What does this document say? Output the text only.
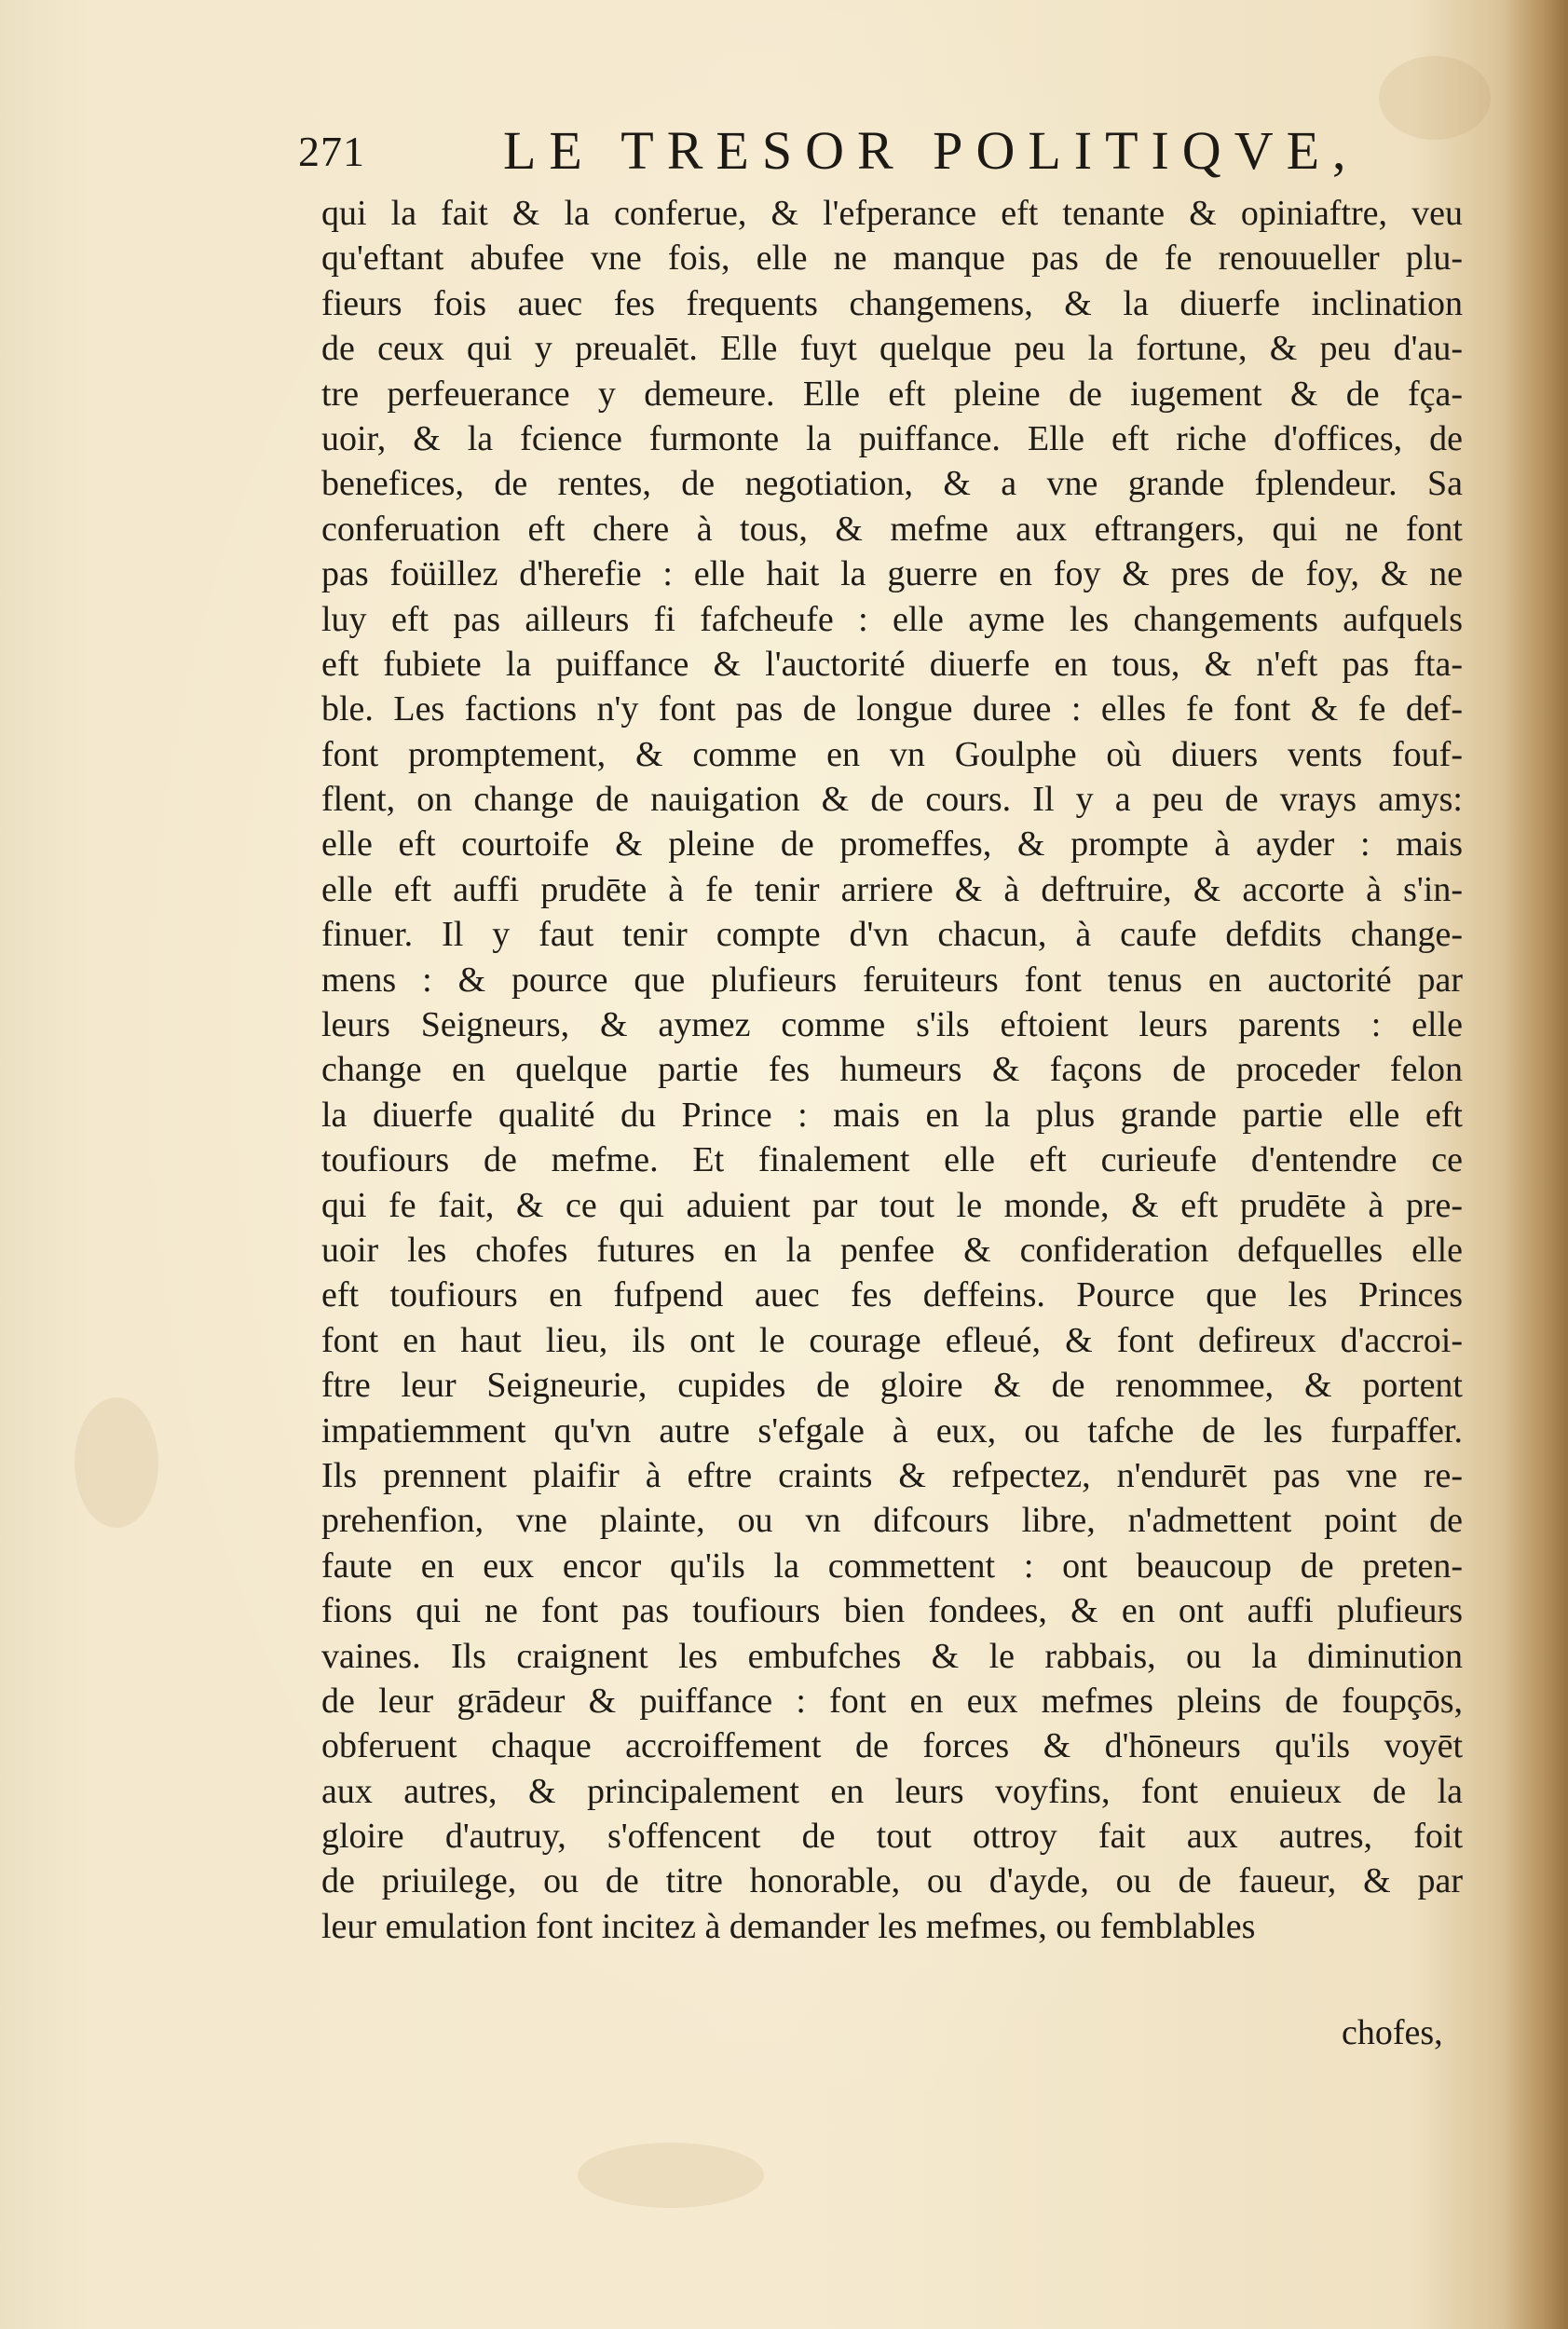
271	LE TRESOR POLITIQVE,
qui la fait & la conferue, & l'efperance eft tenante & opiniaftre, veu
qu'eftant abufee vne fois, elle ne manque pas de fe renouueller plu-
fieurs fois auec fes frequents changemens, & la diuerfe inclination
de ceux qui y preualēt. Elle fuyt quelque peu la fortune, & peu d'au-
tre perfeuerance y demeure. Elle eft pleine de iugement & de fça-
uoir, & la fcience furmonte la puiffance. Elle eft riche d'offices, de
benefices, de rentes, de negotiation, & a vne grande fplendeur. Sa
conferuation eft chere à tous, & mefme aux eftrangers, qui ne font
pas foüillez d'herefie : elle hait la guerre en foy & pres de foy, & ne
luy eft pas ailleurs fi fafcheufe : elle ayme les changements aufquels
eft fubiete la puiffance & l'auctorité diuerfe en tous, & n'eft pas fta-
ble. Les factions n'y font pas de longue duree : elles fe font & fe def-
font promptement, & comme en vn Goulphe où diuers vents fouf-
flent, on change de nauigation & de cours. Il y a peu de vrays amys:
elle eft courtoife & pleine de promeffes, & prompte à ayder : mais
elle eft auffi prudēte à fe tenir arriere & à deftruire, & accorte à s'in-
finuer. Il y faut tenir compte d'vn chacun, à caufe defdits change-
mens : & pource que plufieurs feruiteurs font tenus en auctorité par
leurs Seigneurs, & aymez comme s'ils eftoient leurs parents : elle
change en quelque partie fes humeurs & façons de proceder felon
la diuerfe qualité du Prince : mais en la plus grande partie elle eft
toufiours de mefme. Et finalement elle eft curieufe d'entendre ce
qui fe fait, & ce qui aduient par tout le monde, & eft prudēte à pre-
uoir les chofes futures en la penfee & confideration defquelles elle
eft toufiours en fufpend auec fes deffeins. Pource que les Princes
font en haut lieu, ils ont le courage efleué, & font defireux d'accroi-
ftre leur Seigneurie, cupides de gloire & de renommee, & portent
impatiemment qu'vn autre s'efgale à eux, ou tafche de les furpaffer.
Ils prennent plaifir à eftre craints & refpectez, n'endurēt pas vne re-
prehenfion, vne plainte, ou vn difcours libre, n'admettent point de
faute en eux encor qu'ils la commettent : ont beaucoup de preten-
fions qui ne font pas toufiours bien fondees, & en ont auffi plufieurs
vaines. Ils craignent les embufches & le rabbais, ou la diminution
de leur grādeur & puiffance : font en eux mefmes pleins de foupçōs,
obferuent chaque accroiffement de forces & d'hōneurs qu'ils voyēt
aux autres, & principalement en leurs voyfins, font enuieux de la
gloire d'autruy, s'offencent de tout ottroy fait aux autres, foit
de priuilege, ou de titre honorable, ou d'ayde, ou de faueur, & par
leur emulation font incitez à demander les mefmes, ou femblables
chofes,
